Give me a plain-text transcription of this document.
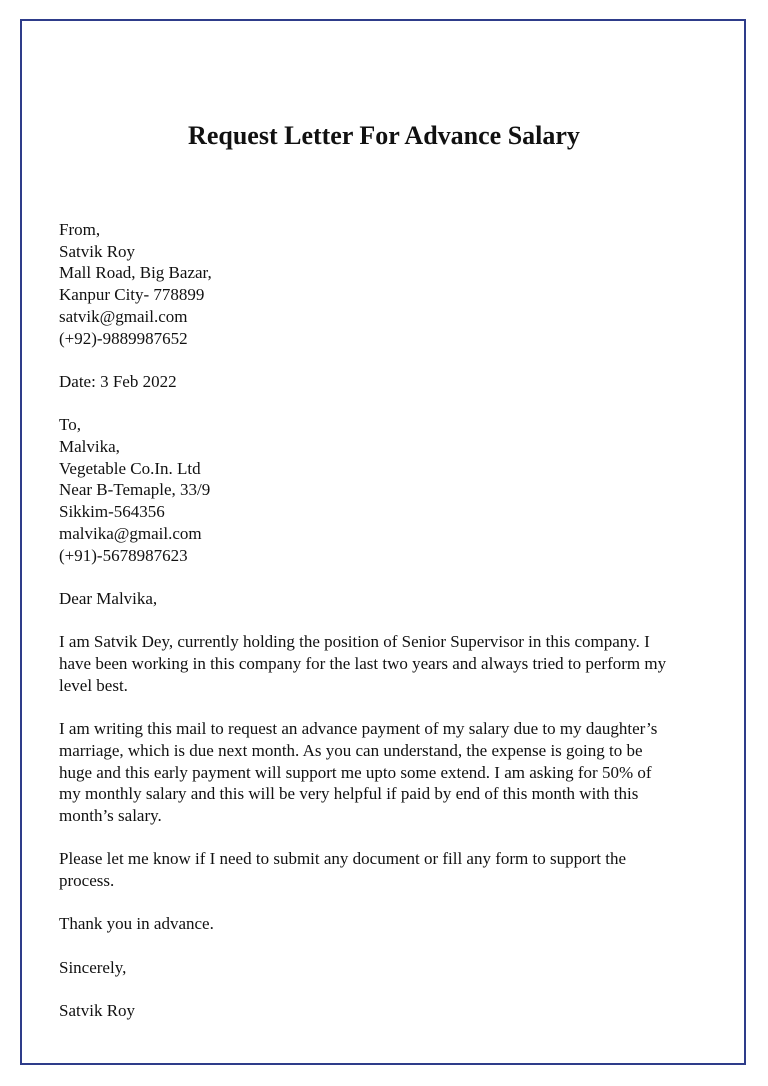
Request Letter For Advance Salary
From,
Satvik Roy
Mall Road, Big Bazar,
Kanpur City- 778899
satvik@gmail.com
(+92)-9889987652
Date: 3 Feb 2022
To,
Malvika,
Vegetable Co.In. Ltd
Near B-Temaple, 33/9
Sikkim-564356
malvika@gmail.com
(+91)-5678987623
Dear Malvika,
I am Satvik Dey, currently holding the position of Senior Supervisor in this company. I
have been working in this company for the last two years and always tried to perform my
level best.
I am writing this mail to request an advance payment of my salary due to my daughter’s
marriage, which is due next month. As you can understand, the expense is going to be
huge and this early payment will support me upto some extend. I am asking for 50% of
my monthly salary and this will be very helpful if paid by end of this month with this
month’s salary.
Please let me know if I need to submit any document or fill any form to support the
process.
Thank you in advance.
Sincerely,
Satvik Roy
